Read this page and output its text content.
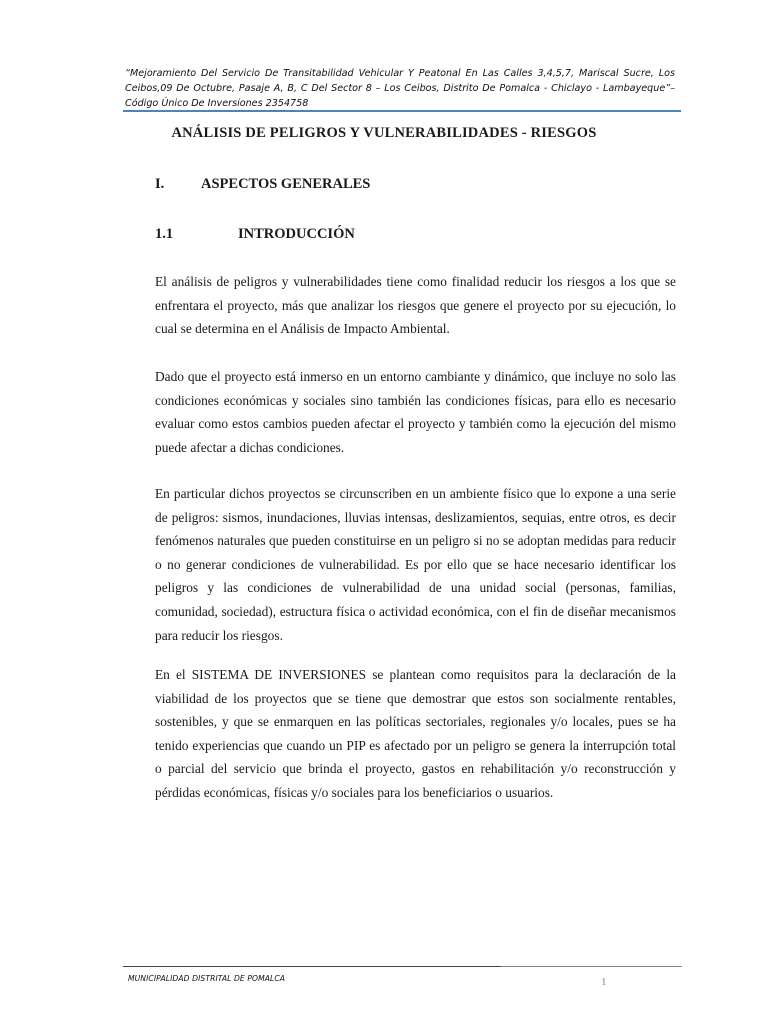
“Mejoramiento Del Servicio De Transitabilidad Vehicular Y Peatonal En Las Calles 3,4,5,7, Mariscal Sucre, Los Ceibos,09 De Octubre, Pasaje A, B, C Del Sector 8 – Los Ceibos, Distrito De Pomalca - Chiclayo - Lambayeque”– Código Único De Inversiones 2354758
ANÁLISIS DE PELIGROS Y VULNERABILIDADES - RIESGOS
I.	ASPECTOS GENERALES
1.1	INTRODUCCIÓN

El análisis de peligros y vulnerabilidades tiene como finalidad reducir los riesgos a los que se enfrentara el proyecto, más que analizar los riesgos que genere el proyecto por su ejecución, lo cual se determina en el Análisis de Impacto Ambiental.

Dado que el proyecto está inmerso en un entorno cambiante y dinámico, que incluye no solo las condiciones económicas y sociales sino también las condiciones físicas, para ello es necesario evaluar como estos cambios pueden afectar el proyecto y también como la ejecución del mismo puede afectar a dichas condiciones.

En particular dichos proyectos se circunscriben en un ambiente físico que lo expone a una serie de peligros: sismos, inundaciones, lluvias intensas, deslizamientos, sequias, entre otros, es decir fenómenos naturales que pueden constituirse en un peligro si no se adoptan medidas para reducir o no generar condiciones de vulnerabilidad. Es por ello que se hace necesario identificar los peligros y las condiciones de vulnerabilidad de una unidad social (personas, familias, comunidad, sociedad), estructura física o actividad económica, con el fin de diseñar mecanismos para reducir los riesgos.

En el SISTEMA DE INVERSIONES se plantean como requisitos para la declaración de la viabilidad de los proyectos que se tiene que demostrar que estos son socialmente rentables, sostenibles, y que se enmarquen en las políticas sectoriales, regionales y/o locales, pues se ha tenido experiencias que cuando un PIP es afectado por un peligro se genera la interrupción total o parcial del servicio que brinda el proyecto, gastos en rehabilitación y/o reconstrucción y pérdidas económicas, físicas y/o sociales para los beneficiarios o usuarios.

MUNICIPALIDAD DISTRITAL DE POMALCA	1
